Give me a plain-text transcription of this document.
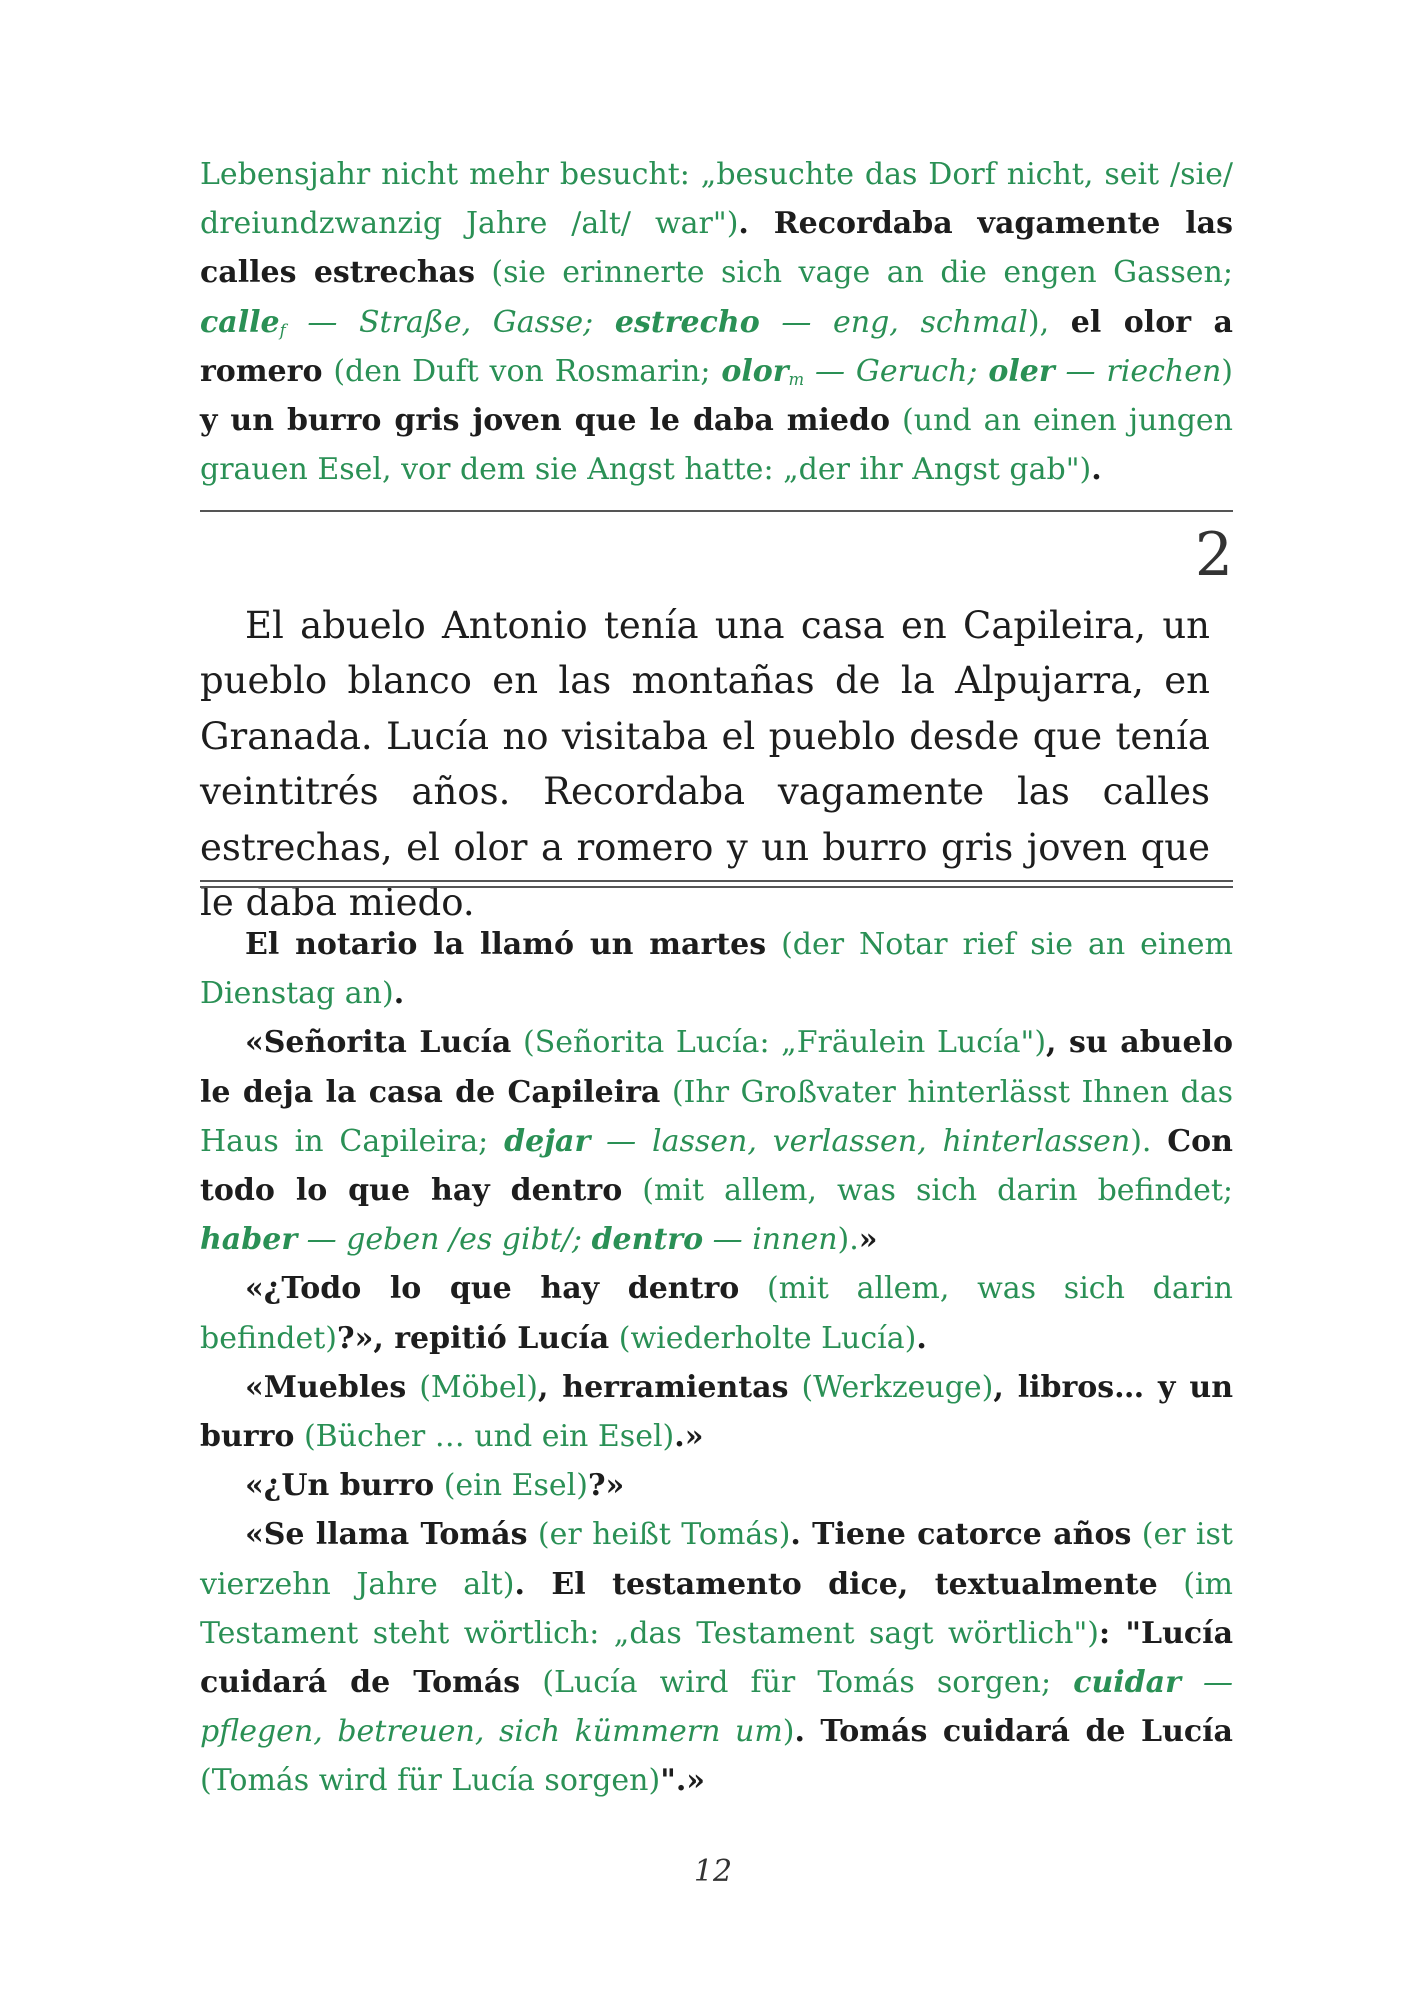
Lebensjahr nicht mehr besucht: „besuchte das Dorf nicht, seit /sie/ dreiundzwanzig Jahre /alt/ war"). Recordaba vagamente las calles estrechas (sie erinnerte sich vage an die engen Gassen; calle$_f$ — Straße, Gasse; estrecho — eng, schmal), el olor a romero (den Duft von Rosmarin; olor$_m$ — Geruch; oler — riechen) y un burro gris joven que le daba miedo (und an einen jungen grauen Esel, vor dem sie Angst hatte: „der ihr Angst gab").

2

El abuelo Antonio tenía una casa en Capileira, un pueblo blanco en las montañas de la Alpujarra, en Granada. Lucía no visitaba el pueblo desde que tenía veintitrés años. Recordaba vagamente las calles estrechas, el olor a romero y un burro gris joven que le daba miedo.

El notario la llamó un martes (der Notar rief sie an einem Dienstag an).

«Señorita Lucía (Señorita Lucía: „Fräulein Lucía"), su abuelo le deja la casa de Capileira (Ihr Großvater hinterlässt Ihnen das Haus in Capileira; dejar — lassen, verlassen, hinterlassen). Con todo lo que hay dentro (mit allem, was sich darin befindet; haber — geben /es gibt/; dentro — innen).»

«¿Todo lo que hay dentro (mit allem, was sich darin befindet)?», repitió Lucía (wiederholte Lucía).

«Muebles (Möbel), herramientas (Werkzeuge), libros… y un burro (Bücher … und ein Esel).»

«¿Un burro (ein Esel)?»

«Se llama Tomás (er heißt Tomás). Tiene catorce años (er ist vierzehn Jahre alt). El testamento dice, textualmente (im Testament steht wörtlich: „das Testament sagt wörtlich"): "Lucía cuidará de Tomás (Lucía wird für Tomás sorgen; cuidar — pflegen, betreuen, sich kümmern um). Tomás cuidará de Lucía (Tomás wird für Lucía sorgen)".»

12
